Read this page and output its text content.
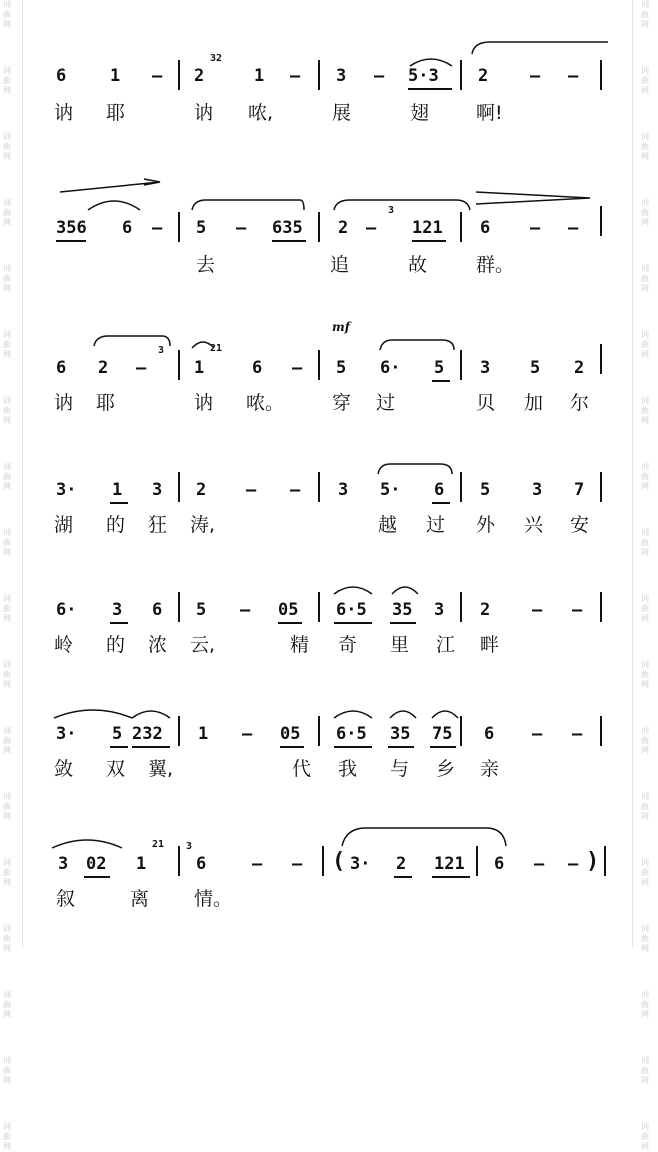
词曲网
词曲网
词曲网
词曲网
词曲网
词曲网
词曲网
词曲网
词曲网
词曲网
词曲网
词曲网
词曲网
词曲网
词曲网
词曲网
词曲网
词曲网
词曲网
词曲网
词曲网
词曲网
词曲网
词曲网
词曲网
词曲网
词曲网
词曲网
词曲网
词曲网
词曲网
词曲网
词曲网
词曲网
词曲网
词曲网
6	1 – 2
32
1 – 3 – 5·3 2 – –
讷 耶	讷 哝,	展	翅 啊!
356 6 – 5 – 635 2 –
3
121 6 – –
去	追	故	群。
mf
6 2 –
3
1
21
6 – 5 6· 5 3 5 2
讷 耶	讷 哝。	穿 过	贝 加 尔
3· 1 3 2 – – 3 5· 6 5 3 7
湖 的 狂 涛,	越 过 外 兴 安
6· 3 6 5 – 05 6·5 35 3 2 – –
岭 的 浓 云,	精 奇 里 江 畔
3· 5 232 1 – 05 6·5 35 75 6 – –
敛 双 翼,	代 我 与 乡 亲
3 02 1
21 3
6	– – ( 3· 2 121 6 – – )
叙	离 情。
